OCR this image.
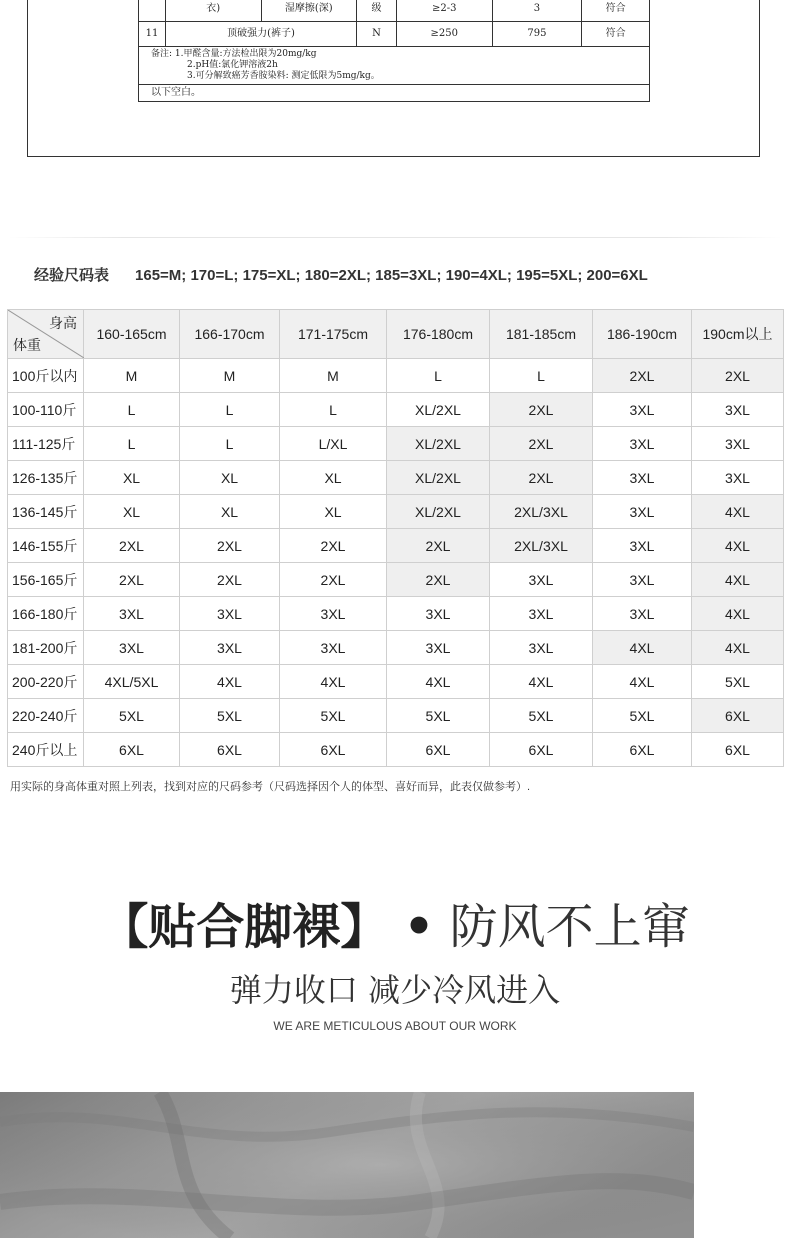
	衣)	湿摩擦(深)	级	≥2-3	3	符合
11	顶破强力(裤子)		N	≥250	795	符合

备注: 1.甲醛含量:方法检出限为20mg/kg
2.pH值:氯化钾溶液2h
3.可分解致癌芳香胺染料: 测定低限为5mg/kg。						

以下空白。						
经验尺码表 165=M; 170=L; 175=XL; 180=2XL; 185=3XL; 190=4XL; 195=5XL; 200=6XL
身高
体重	160-165cm	166-170cm	171-175cm	176-180cm	181-185cm	186-190cm	190cm以上
100斤以内	M	M	M	L	L	2XL	2XL
100-110斤	L	L	L	XL/2XL	2XL	3XL	3XL
111-125斤	L	L	L/XL	XL/2XL	2XL	3XL	3XL
126-135斤	XL	XL	XL	XL/2XL	2XL	3XL	3XL
136-145斤	XL	XL	XL	XL/2XL	2XL/3XL	3XL	4XL
146-155斤	2XL	2XL	2XL	2XL	2XL/3XL	3XL	4XL
156-165斤	2XL	2XL	2XL	2XL	3XL	3XL	4XL
166-180斤	3XL	3XL	3XL	3XL	3XL	3XL	4XL
181-200斤	3XL	3XL	3XL	3XL	3XL	4XL	4XL
200-220斤	4XL/5XL	4XL	4XL	4XL	4XL	4XL	5XL
220-240斤	5XL	5XL	5XL	5XL	5XL	5XL	6XL
240斤以上	6XL	6XL	6XL	6XL	6XL	6XL	6XL
用实际的身高体重对照上列表，找到对应的尺码参考（尺码选择因个人的体型、喜好而异，此表仅做参考）.
【贴合脚裸】 • 防风不上窜
弹力收口 减少冷风进入
WE ARE METICULOUS ABOUT OUR WORK
